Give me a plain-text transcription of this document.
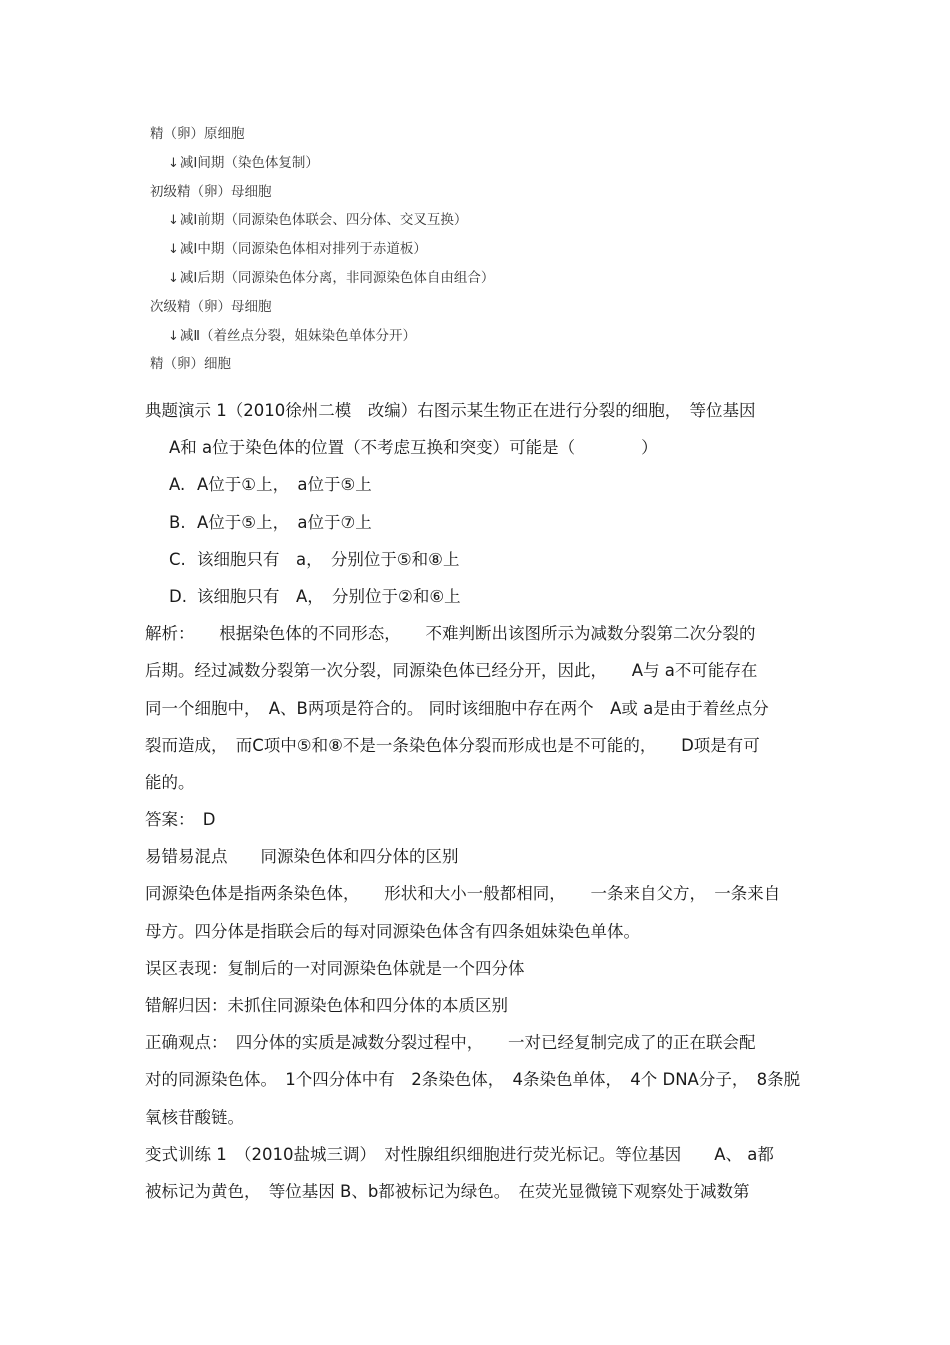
精（卵）原细胞
↓减Ⅰ间期（染色体复制）
初级精（卵）母细胞
↓减Ⅰ前期（同源染色体联会、四分体、交叉互换）
↓减Ⅰ中期（同源染色体相对排列于赤道板）
↓减Ⅰ后期（同源染色体分离，非同源染色体自由组合）
次级精（卵）母细胞
↓减Ⅱ（着丝点分裂，姐妹染色单体分开）
精（卵）细胞
典题演示 1（2010徐州二模　改编）右图示某生物正在进行分裂的细胞，　等位基因
A和 a位于染色体的位置（不考虑互换和突变）可能是（　　　　）
A. A位于①上，　a位于⑤上
B. A位于⑤上，　a位于⑦上
C. 该细胞只有　a，　分别位于⑤和⑧上
D. 该细胞只有　A，　分别位于②和⑥上
解析：　　根据染色体的不同形态，　　不难判断出该图所示为减数分裂第二次分裂的
后期。经过减数分裂第一次分裂，同源染色体已经分开，因此，　　A与 a不可能存在
同一个细胞中，　A、B两项是符合的。 同时该细胞中存在两个　A或 a是由于着丝点分
裂而造成，　而C项中⑤和⑧不是一条染色体分裂而形成也是不可能的，　　D项是有可
能的。
答案：　D
易错易混点　　同源染色体和四分体的区别
同源染色体是指两条染色体，　　形状和大小一般都相同，　　一条来自父方，　一条来自
母方。四分体是指联会后的每对同源染色体含有四条姐妹染色单体。
误区表现：复制后的一对同源染色体就是一个四分体
错解归因：未抓住同源染色体和四分体的本质区别
正确观点：　四分体的实质是减数分裂过程中，　　一对已经复制完成了的正在联会配
对的同源染色体。　1个四分体中有　2条染色体，　4条染色单体，　4个 DNA分子，　8条脱
氧核苷酸链。
变式训练 1　（2010盐城三调）　对性腺组织细胞进行荧光标记。等位基因　　A、 a都
被标记为黄色，　等位基因 B、b都被标记为绿色。　在荧光显微镜下观察处于减数第
